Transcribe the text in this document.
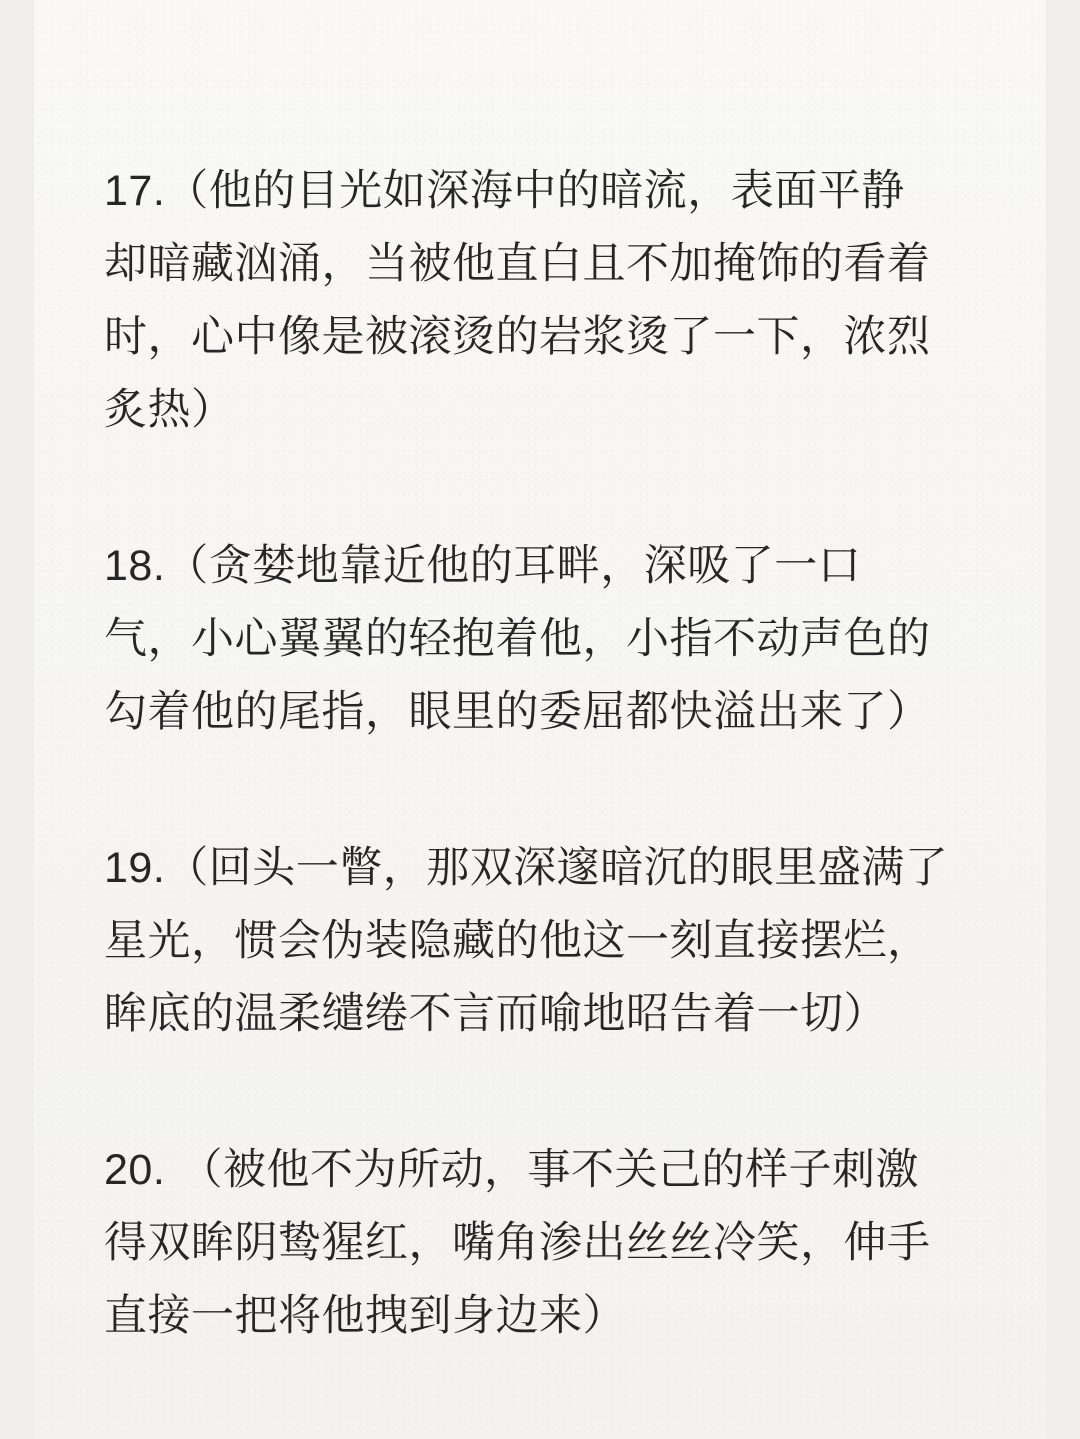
17.（他的目光如深海中的暗流，表面平静
却暗藏汹涌，当被他直白且不加掩饰的看着
时，心中像是被滚烫的岩浆烫了一下，浓烈
炙热）
18.（贪婪地靠近他的耳畔，深吸了一口
气，小心翼翼的轻抱着他，小指不动声色的
勾着他的尾指，眼里的委屈都快溢出来了）
19.（回头一瞥，那双深邃暗沉的眼里盛满了
星光，惯会伪装隐藏的他这一刻直接摆烂，
眸底的温柔缱绻不言而喻地昭告着一切）
20. （被他不为所动，事不关己的样子刺激
得双眸阴鸷猩红，嘴角渗出丝丝冷笑，伸手
直接一把将他拽到身边来）
